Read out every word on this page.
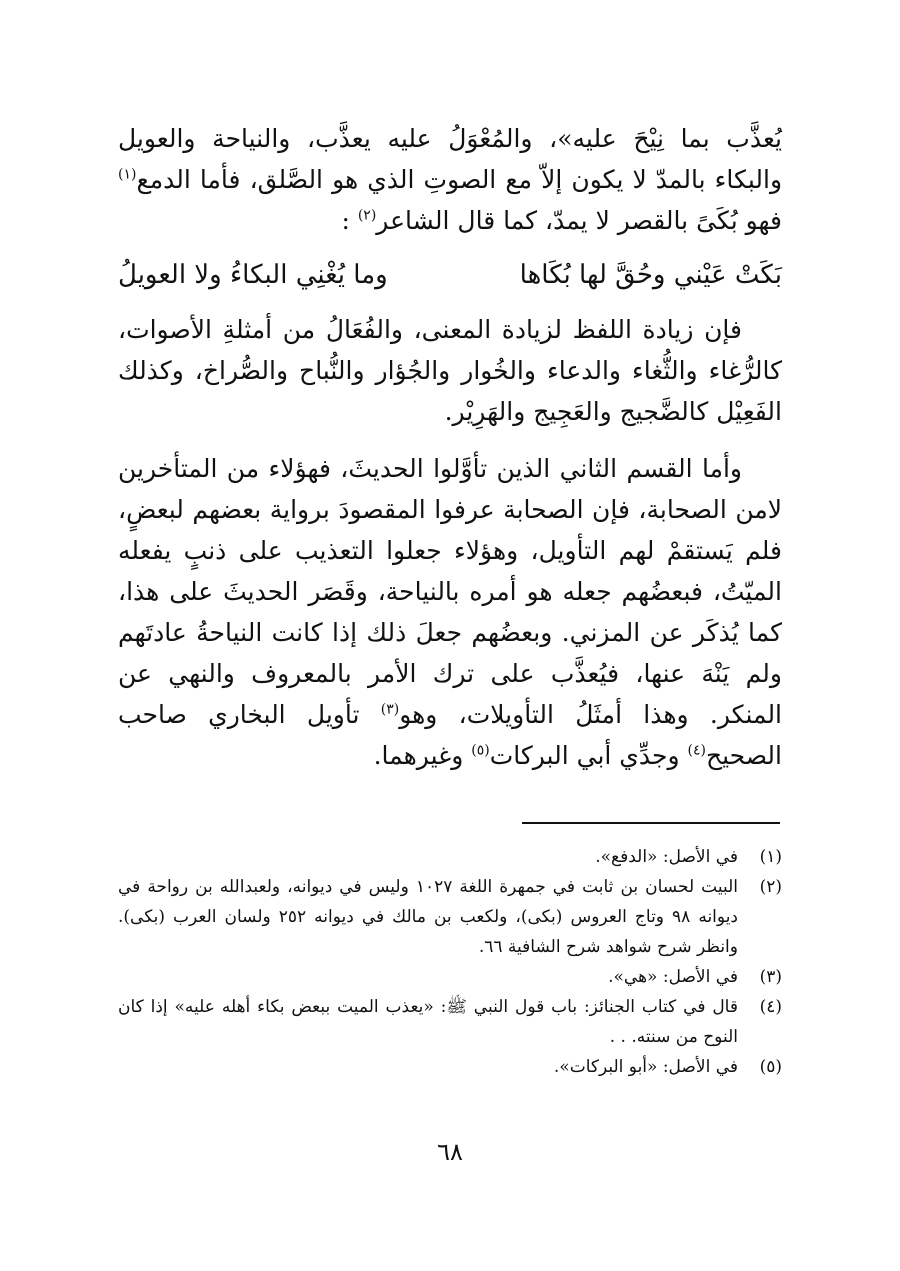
يُعذَّب بما نِيْحَ عليه»، والمُعْوَلُ عليه يعذَّب، والنياحة والعويل والبكاء بالمدّ لا يكون إلاّ مع الصوتِ الذي هو الصَّلق، فأما الدمع$^{(١)}$ فهو بُكَىً بالقصر لا يمدّ، كما قال الشاعر$^{(٢)}$ :

بَكَتْ عَيْني وحُقَّ لها بُكَاها
وما يُغْنِي البكاءُ ولا العويلُ

فإن زيادة اللفظ لزيادة المعنى، والفُعَالُ من أمثلةِ الأصوات، كالرُّغاء والثُّغاء والدعاء والخُوار والجُؤار والنُّباح والصُّراخ، وكذلك الفَعِيْل كالضَّجيج والعَجِيج والهَرِيْر.

وأما القسم الثاني الذين تأوَّلوا الحديثَ، فهؤلاء من المتأخرين لامن الصحابة، فإن الصحابة عرفوا المقصودَ برواية بعضهم لبعضٍ، فلم يَستقمْ لهم التأويل، وهؤلاء جعلوا التعذيب على ذنبٍ يفعله الميّتُ، فبعضُهم جعله هو أمره بالنياحة، وقَصَر الحديثَ على هذا، كما يُذكَر عن المزني. وبعضُهم جعلَ ذلك إذا كانت النياحةُ عادتَهم ولم يَنْهَ عنها، فيُعذَّب على ترك الأمر بالمعروف والنهي عن المنكر. وهذا أمثَلُ التأويلات، وهو$^{(٣)}$ تأويل البخاري صاحب الصحيح$^{(٤)}$ وجدِّي أبي البركات$^{(٥)}$ وغيرهما.

(١)
في الأصل: «الدفع».
(٢)
البيت لحسان بن ثابت في جمهرة اللغة ١٠٢٧ وليس في ديوانه، ولعبدالله بن رواحة في ديوانه ٩٨ وتاج العروس (بكى)، ولكعب بن مالك في ديوانه ٢٥٢ ولسان العرب (بكى). وانظر شرح شواهد شرح الشافية ٦٦.
(٣)
في الأصل: «هي».
(٤)
قال في كتاب الجنائز: باب قول النبي ﷺ: «يعذب الميت ببعض بكاء أهله عليه» إذا كان النوح من سنته. . .
(٥)
في الأصل: «أبو البركات».
٦٨
